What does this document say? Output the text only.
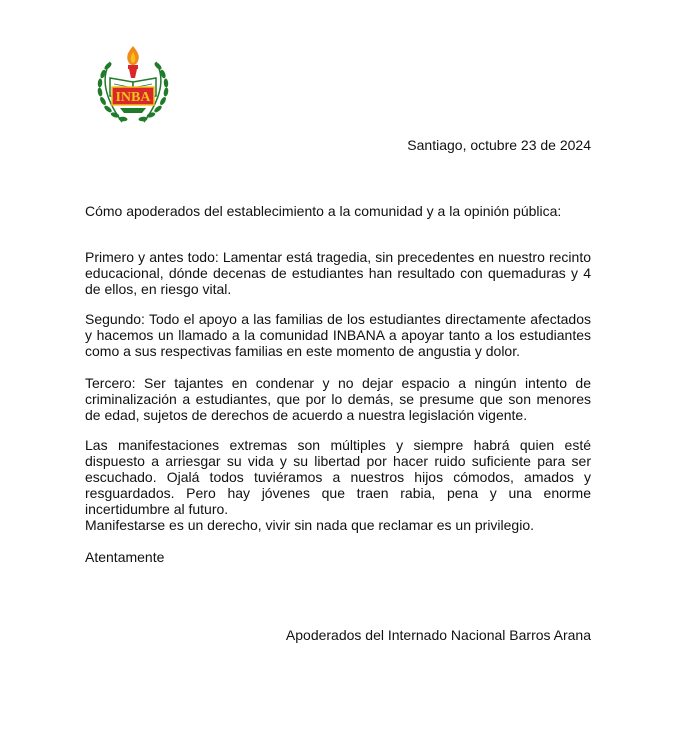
INBA
Santiago, octubre 23 de 2024
Cómo apoderados del establecimiento a la comunidad y a la opinión pública:
Primero y antes todo: Lamentar está tragedia, sin precedentes en nuestro recinto educacional, dónde decenas de estudiantes han resultado con quemaduras y 4 de ellos, en riesgo vital.
Segundo: Todo el apoyo a las familias de los estudiantes directamente afectados y hacemos un llamado a la comunidad INBANA a apoyar tanto a los estudiantes como a sus respectivas familias en este momento de angustia y dolor.
Tercero: Ser tajantes en condenar y no dejar espacio a ningún intento de criminalización a estudiantes, que por lo demás, se presume que son menores de edad, sujetos de derechos de acuerdo a nuestra legislación vigente.
Las manifestaciones extremas son múltiples y siempre habrá quien esté dispuesto a arriesgar su vida y su libertad por hacer ruido suficiente para ser escuchado. Ojalá todos tuviéramos a nuestros hijos cómodos, amados y resguardados. Pero hay jóvenes que traen rabia, pena y una enorme incertidumbre al futuro.
Manifestarse es un derecho, vivir sin nada que reclamar es un privilegio.
Atentamente
Apoderados del Internado Nacional Barros Arana
